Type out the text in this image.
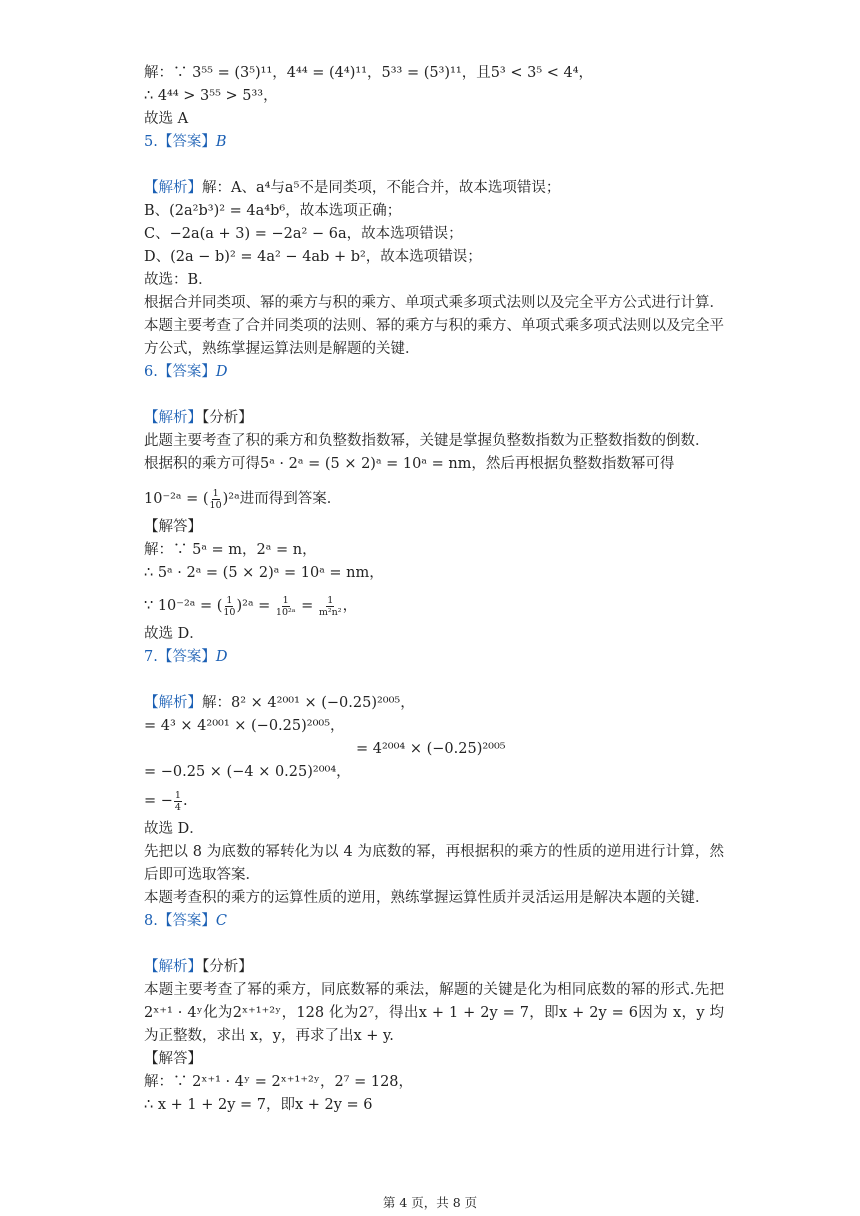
解：∵ 3⁵⁵ = (3⁵)¹¹，4⁴⁴ = (4⁴)¹¹，5³³ = (5³)¹¹，且5³ < 3⁵ < 4⁴，
∴ 4⁴⁴ > 3⁵⁵ > 5³³，
故选 A
5.【答案】B
【解析】解：A、a⁴与a⁵不是同类项，不能合并，故本选项错误；
B、(2a²b³)² = 4a⁴b⁶，故本选项正确；
C、−2a(a + 3) = −2a² − 6a，故本选项错误；
D、(2a − b)² = 4a² − 4ab + b²，故本选项错误；
故选：B．
根据合并同类项、幂的乘方与积的乘方、单项式乘多项式法则以及完全平方公式进行计算．
本题主要考查了合并同类项的法则、幂的乘方与积的乘方、单项式乘多项式法则以及完全平方公式，熟练掌握运算法则是解题的关键．
6.【答案】D
【解析】【分析】
此题主要考查了积的乘方和负整数指数幂，关键是掌握负整数指数为正整数指数的倒数．
根据积的乘方可得5ᵃ · 2ᵃ = (5 × 2)ᵃ = 10ᵃ = nm，然后再根据负整数指数幂可得
10⁻²ᵃ = ( $\frac{1}{10}$ )²ᵃ进而得到答案．
【解答】
解：∵ 5ᵃ = m，2ᵃ = n，
∴ 5ᵃ · 2ᵃ = (5 × 2)ᵃ = 10ᵃ = nm，
∵ 10⁻²ᵃ = ( $\frac{1}{10}$ )²ᵃ = $\frac{1}{\text{10²ᵃ}} = \frac{1}{\text{m²n²}}$ ，
故选 D．
7.【答案】D
【解析】解：8² × 4²⁰⁰¹ × (−0.25)²⁰⁰⁵，
= 4³ × 4²⁰⁰¹ × (−0.25)²⁰⁰⁵，
= 4²⁰⁰⁴ × (−0.25)²⁰⁰⁵
= −0.25 × (−4 × 0.25)²⁰⁰⁴，
= − $\frac{1}{4}$ .
故选 D．
先把以 8 为底数的幂转化为以 4 为底数的幂，再根据积的乘方的性质的逆用进行计算，然后即可选取答案．
本题考查积的乘方的运算性质的逆用，熟练掌握运算性质并灵活运用是解决本题的关键．
8.【答案】C
【解析】【分析】
本题主要考查了幂的乘方，同底数幂的乘法，解题的关键是化为相同底数的幂的形式.先把2ˣ⁺¹ · 4ʸ化为2ˣ⁺¹⁺²ʸ，128 化为2⁷，得出x + 1 + 2y = 7，即x + 2y = 6因为 x，y 均为正整数，求出 x，y，再求了出x + y.
【解答】
解：∵ 2ˣ⁺¹ · 4ʸ = 2ˣ⁺¹⁺²ʸ，2⁷ = 128，
∴ x + 1 + 2y = 7，即x + 2y = 6
第 4 页，共 8 页
